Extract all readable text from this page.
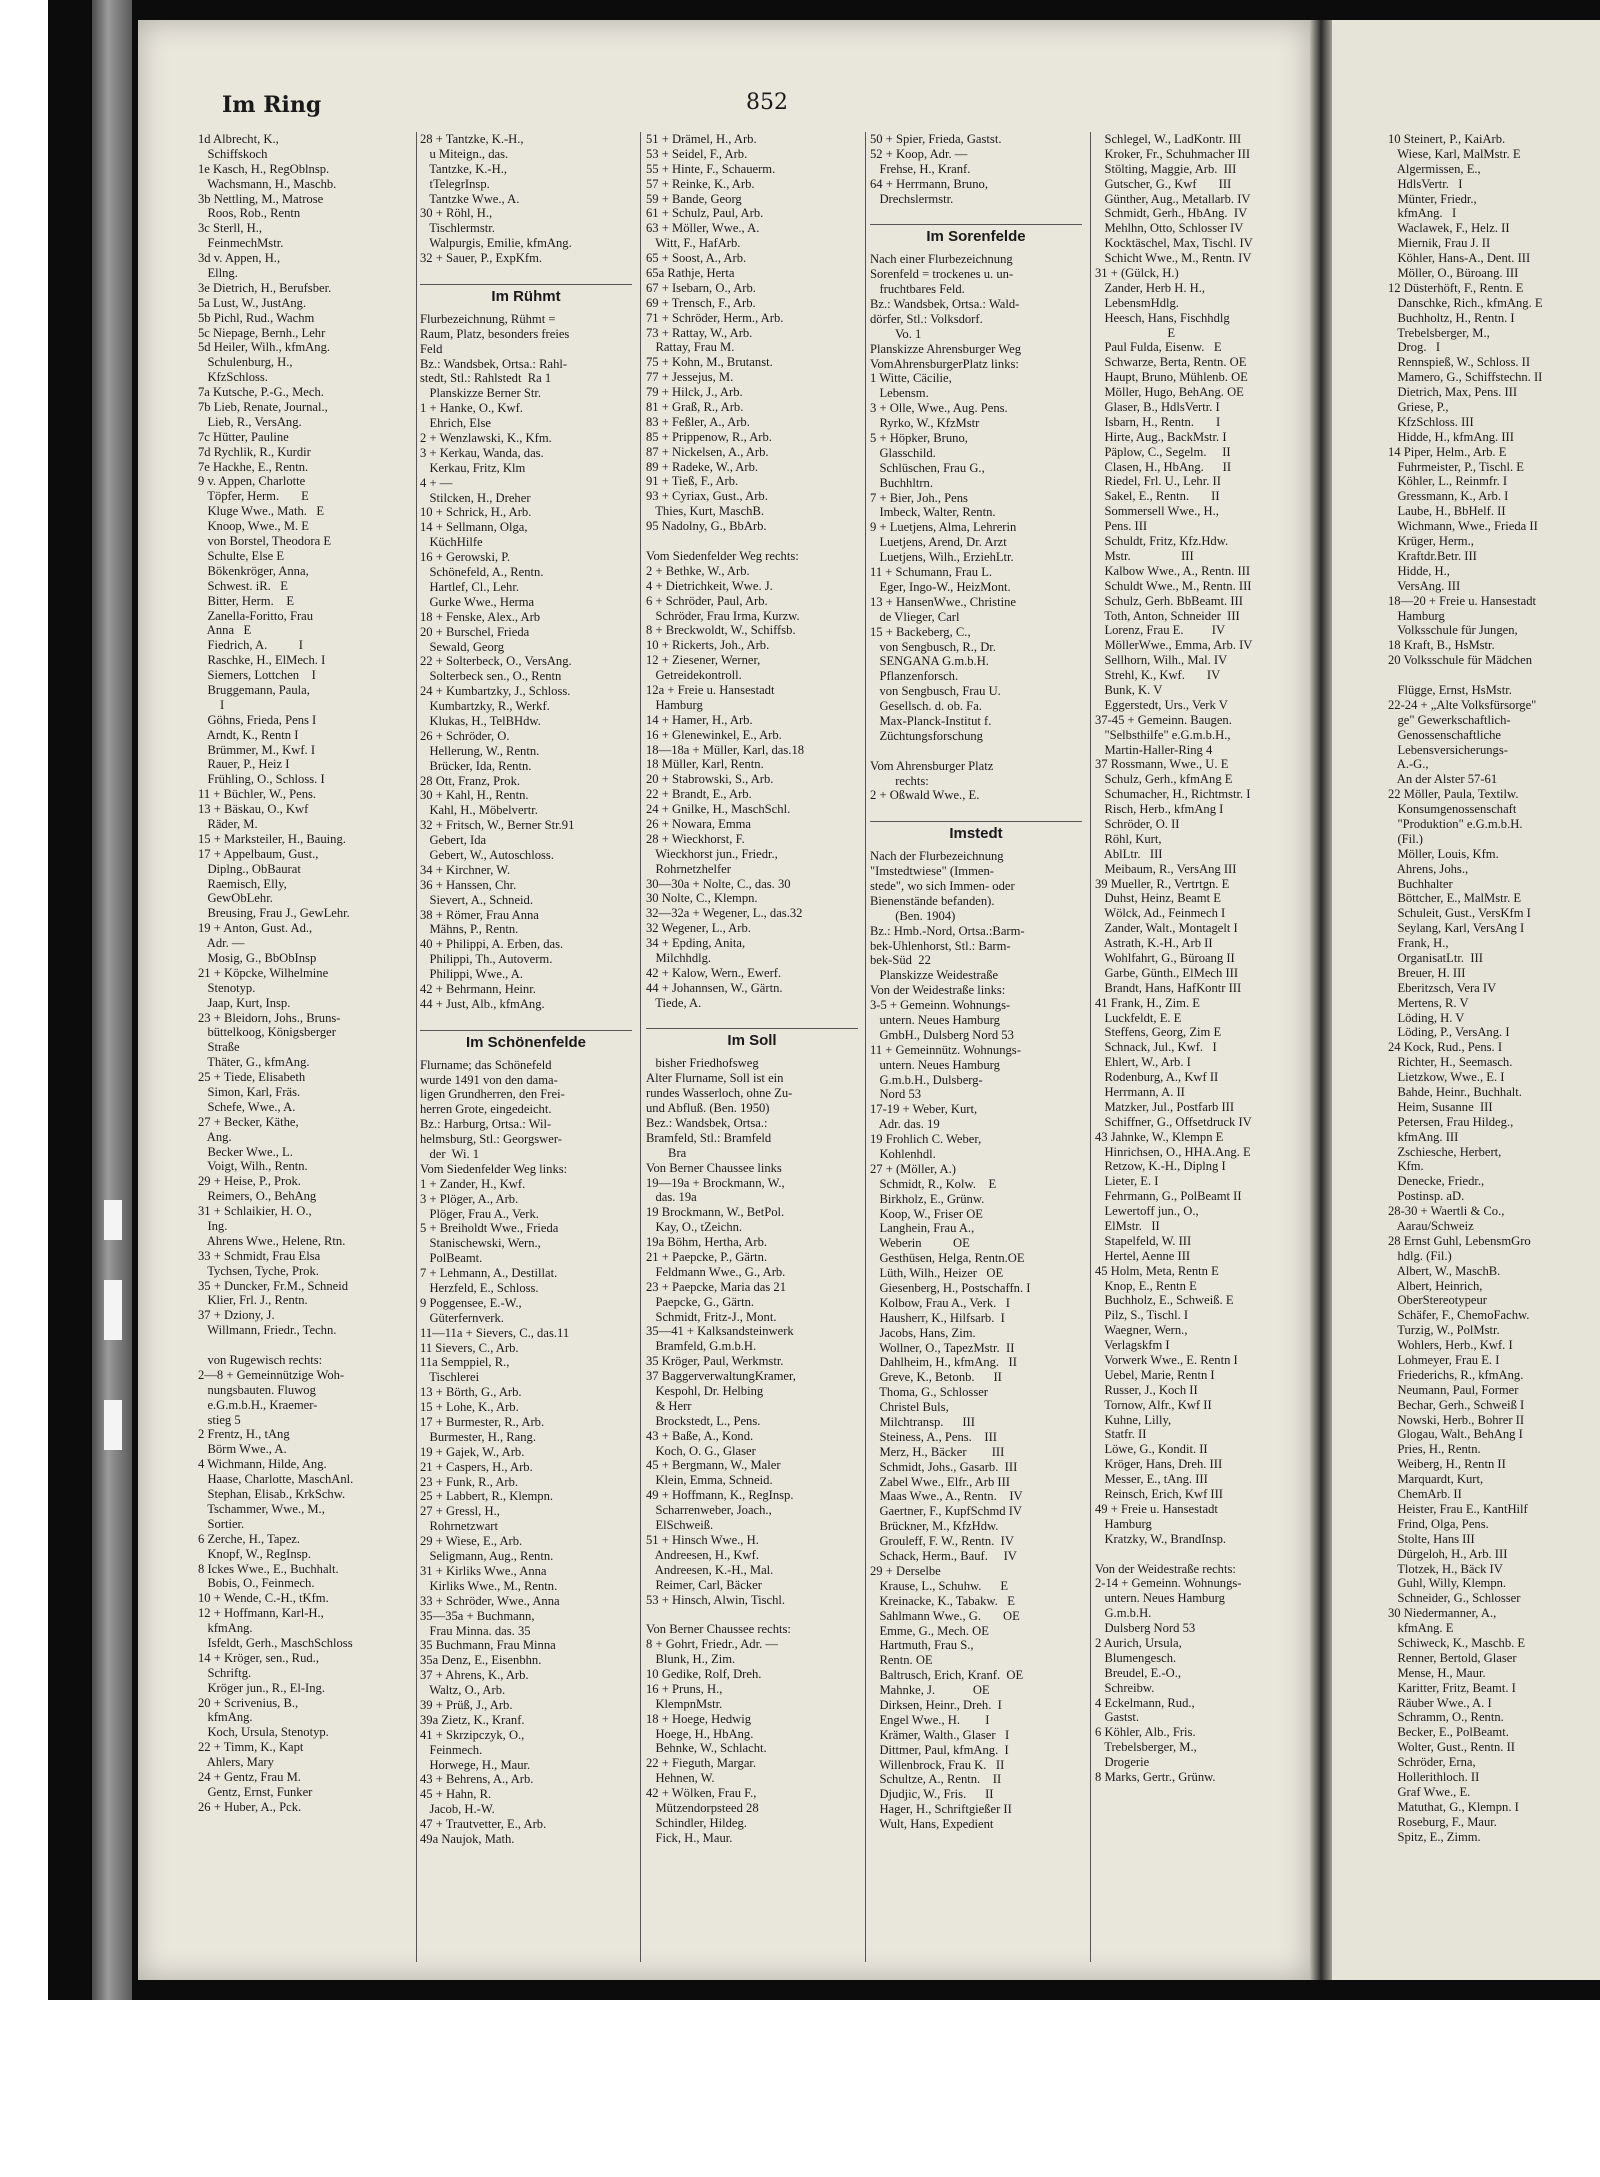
Im Ring	852
1d Albrecht, K.,
Schiffskoch
1e Kasch, H., RegOblnsp.
Wachsmann, H., Maschb.
3b Nettling, M., Matrose
Roos, Rob., Rentn
3c Sterll, H.,
FeinmechMstr.
3d v. Appen, H.,
Ellng.
3e Dietrich, H., Berufsber.
5a Lust, W., JustAng.
5b Pichl, Rud., Wachm
5c Niepage, Bernh., Lehr
5d Heiler, Wilh., kfmAng.
Schulenburg, H.,
KfzSchloss.
7a Kutsche, P.-G., Mech.
7b Lieb, Renate, Journal.,
Lieb, R., VersAng.
7c Hütter, Pauline
7d Rychlik, R., Kurdir
7e Hackhe, E., Rentn.
9 v. Appen, Charlotte
Töpfer, Herm.       E
Kluge Wwe., Math.   E
Knoop, Wwe., M. E
von Borstel, Theodora E
Schulte, Else E
Bökenkröger, Anna,
Schwest. iR.   E
Bitter, Herm.    E
Zanella-Foritto, Frau
Anna   E
Fiedrich, A.          I
Raschke, H., ElMech. I
Siemers, Lottchen    I
Bruggemann, Paula,
I
Göhns, Frieda, Pens I
Arndt, K., Rentn I
Brümmer, M., Kwf. I
Rauer, P., Heiz I
Frühling, O., Schloss. I
11 + Büchler, W., Pens.
13 + Bäskau, O., Kwf
Räder, M.
15 + Marksteiler, H., Bauing.
17 + Appelbaum, Gust.,
Diplng., ObBaurat
Raemisch, Elly,
GewObLehr.
Breusing, Frau J., GewLehr.
19 + Anton, Gust. Ad.,
Adr. —
Mosig, G., BbObInsp
21 + Köpcke, Wilhelmine
Stenotyp.
Jaap, Kurt, Insp.
23 + Bleidorn, Johs., Bruns-
büttelkoog, Königsberger
Straße
Thäter, G., kfmAng.
25 + Tiede, Elisabeth
Simon, Karl, Fräs.
Schefe, Wwe., A.
27 + Becker, Käthe,
Ang.
Becker Wwe., L.
Voigt, Wilh., Rentn.
29 + Heise, P., Prok.
Reimers, O., BehAng
31 + Schlaikier, H. O.,
Ing.
Ahrens Wwe., Helene, Rtn.
33 + Schmidt, Frau Elsa
Tychsen, Tyche, Prok.
35 + Duncker, Fr.M., Schneid
Klier, Frl. J., Rentn.
37 + Dziony, J.
Willmann, Friedr., Techn.
von Rugewisch rechts:
2—8 + Gemeinnützige Woh-
nungsbauten. Fluwog
e.G.m.b.H., Kraemer-
stieg 5
2 Frentz, H., tAng
Börm Wwe., A.
4 Wichmann, Hilde, Ang.
Haase, Charlotte, MaschAnl.
Stephan, Elisab., KrkSchw.
Tschammer, Wwe., M.,
Sortier.
6 Zerche, H., Tapez.
Knopf, W., RegInsp.
8 Ickes Wwe., E., Buchhalt.
Bobis, O., Feinmech.
10 + Wende, C.-H., tKfm.
12 + Hoffmann, Karl-H.,
kfmAng.
Isfeldt, Gerh., MaschSchloss
14 + Kröger, sen., Rud.,
Schriftg.
Kröger jun., R., El-Ing.
20 + Scrivenius, B.,
kfmAng.
Koch, Ursula, Stenotyp.
22 + Timm, K., Kapt
Ahlers, Mary
24 + Gentz, Frau M.
Gentz, Ernst, Funker
26 + Huber, A., Pck.
28 + Tantzke, K.-H.,
u Miteign., das.
Tantzke, K.-H.,
tTelegrInsp.
Tantzke Wwe., A.
30 + Röhl, H.,
Tischlermstr.
Walpurgis, Emilie, kfmAng.
32 + Sauer, P., ExpKfm.
Im Rühmt
Flurbezeichnung, Rühmt =
Raum, Platz, besonders freies
Feld
Bz.: Wandsbek, Ortsa.: Rahl-
stedt, Stl.: Rahlstedt  Ra 1
Planskizze Berner Str.
1 + Hanke, O., Kwf.
Ehrich, Else
2 + Wenzlawski, K., Kfm.
3 + Kerkau, Wanda, das.
Kerkau, Fritz, Klm
4 + —
Stilcken, H., Dreher
10 + Schrick, H., Arb.
14 + Sellmann, Olga,
KüchHilfe
16 + Gerowski, P.
Schönefeld, A., Rentn.
Hartlef, Cl., Lehr.
Gurke Wwe., Herma
18 + Fenske, Alex., Arb
20 + Burschel, Frieda
Sewald, Georg
22 + Solterbeck, O., VersAng.
Solterbeck sen., O., Rentn
24 + Kumbartzky, J., Schloss.
Kumbartzky, R., Werkf.
Klukas, H., TelBHdw.
26 + Schröder, O.
Hellerung, W., Rentn.
Brücker, Ida, Rentn.
28 Ott, Franz, Prok.
30 + Kahl, H., Rentn.
Kahl, H., Möbelvertr.
32 + Fritsch, W., Berner Str.91
Gebert, Ida
Gebert, W., Autoschloss.
34 + Kirchner, W.
36 + Hanssen, Chr.
Sievert, A., Schneid.
38 + Römer, Frau Anna
Mähns, P., Rentn.
40 + Philippi, A. Erben, das.
Philippi, Th., Autoverm.
Philippi, Wwe., A.
42 + Behrmann, Heinr.
44 + Just, Alb., kfmAng.
Im Schönenfelde
Flurname; das Schönefeld
wurde 1491 von den dama-
ligen Grundherren, den Frei-
herren Grote, eingedeicht.
Bz.: Harburg, Ortsa.: Wil-
helmsburg, Stl.: Georgswer-
der  Wi. 1
Vom Siedenfelder Weg links:
1 + Zander, H., Kwf.
3 + Plöger, A., Arb.
Plöger, Frau A., Verk.
5 + Breiholdt Wwe., Frieda
Stanischewski, Wern.,
PolBeamt.
7 + Lehmann, A., Destillat.
Herzfeld, E., Schloss.
9 Poggensee, E.-W.,
Güterfernverk.
11—11a + Sievers, C., das.11
11 Sievers, C., Arb.
11a Semppiel, R.,
Tischlerei
13 + Börth, G., Arb.
15 + Lohe, K., Arb.
17 + Burmester, R., Arb.
Burmester, H., Rang.
19 + Gajek, W., Arb.
21 + Caspers, H., Arb.
23 + Funk, R., Arb.
25 + Labbert, R., Klempn.
27 + Gressl, H.,
Rohrnetzwart
29 + Wiese, E., Arb.
Seligmann, Aug., Rentn.
31 + Kirliks Wwe., Anna
Kirliks Wwe., M., Rentn.
33 + Schröder, Wwe., Anna
35—35a + Buchmann,
Frau Minna. das. 35
35 Buchmann, Frau Minna
35a Denz, E., Eisenbhn.
37 + Ahrens, K., Arb.
Waltz, O., Arb.
39 + Prüß, J., Arb.
39a Zietz, K., Kranf.
41 + Skrzipczyk, O.,
Feinmech.
Horwege, H., Maur.
43 + Behrens, A., Arb.
45 + Hahn, R.
Jacob, H.-W.
47 + Trautvetter, E., Arb.
49a Naujok, Math.
51 + Drämel, H., Arb.
53 + Seidel, F., Arb.
55 + Hinte, F., Schauerm.
57 + Reinke, K., Arb.
59 + Bande, Georg
61 + Schulz, Paul, Arb.
63 + Möller, Wwe., A.
Witt, F., HafArb.
65 + Soost, A., Arb.
65a Rathje, Herta
67 + Isebarn, O., Arb.
69 + Trensch, F., Arb.
71 + Schröder, Herm., Arb.
73 + Rattay, W., Arb.
Rattay, Frau M.
75 + Kohn, M., Brutanst.
77 + Jessejus, M.
79 + Hilck, J., Arb.
81 + Graß, R., Arb.
83 + Feßler, A., Arb.
85 + Prippenow, R., Arb.
87 + Nickelsen, A., Arb.
89 + Radeke, W., Arb.
91 + Tieß, F., Arb.
93 + Cyriax, Gust., Arb.
Thies, Kurt, MaschB.
95 Nadolny, G., BbArb.
Vom Siedenfelder Weg rechts:
2 + Bethke, W., Arb.
4 + Dietrichkeit, Wwe. J.
6 + Schröder, Paul, Arb.
Schröder, Frau Irma, Kurzw.
8 + Breckwoldt, W., Schiffsb.
10 + Rickerts, Joh., Arb.
12 + Ziesener, Werner,
Getreidekontroll.
12a + Freie u. Hansestadt
Hamburg
14 + Hamer, H., Arb.
16 + Glenewinkel, E., Arb.
18—18a + Müller, Karl, das.18
18 Müller, Karl, Rentn.
20 + Stabrowski, S., Arb.
22 + Brandt, E., Arb.
24 + Gnilke, H., MaschSchl.
26 + Nowara, Emma
28 + Wieckhorst, F.
Wieckhorst jun., Friedr.,
Rohrnetzhelfer
30—30a + Nolte, C., das. 30
30 Nolte, C., Klempn.
32—32a + Wegener, L., das.32
32 Wegener, L., Arb.
34 + Epding, Anita,
Milchhdlg.
42 + Kalow, Wern., Ewerf.
44 + Johannsen, W., Gärtn.
Tiede, A.
Im Soll
bisher Friedhofsweg
Alter Flurname, Soll ist ein
rundes Wasserloch, ohne Zu-
und Abfluß. (Ben. 1950)
Bez.: Wandsbek, Ortsa.:
Bramfeld, Stl.: Bramfeld
Bra
Von Berner Chaussee links
19—19a + Brockmann, W.,
das. 19a
19 Brockmann, W., BetPol.
Kay, O., tZeichn.
19a Böhm, Hertha, Arb.
21 + Paepcke, P., Gärtn.
Feldmann Wwe., G., Arb.
23 + Paepcke, Maria das 21
Paepcke, G., Gärtn.
Schmidt, Fritz-J., Mont.
35—41 + Kalksandsteinwerk
Bramfeld, G.m.b.H.
35 Kröger, Paul, Werkmstr.
37 BaggerverwaltungKramer,
Kespohl, Dr. Helbing
& Herr
Brockstedt, L., Pens.
43 + Baße, A., Kond.
Koch, O. G., Glaser
45 + Bergmann, W., Maler
Klein, Emma, Schneid.
49 + Hoffmann, K., RegInsp.
Scharrenweber, Joach.,
ElSchweiß.
51 + Hinsch Wwe., H.
Andreesen, H., Kwf.
Andreesen, K.-H., Mal.
Reimer, Carl, Bäcker
53 + Hinsch, Alwin, Tischl.
Von Berner Chaussee rechts:
8 + Gohrt, Friedr., Adr. —
Blunk, H., Zim.
10 Gedike, Rolf, Dreh.
16 + Pruns, H.,
KlempnMstr.
18 + Hoege, Hedwig
Hoege, H., HbAng.
Behnke, W., Schlacht.
22 + Fieguth, Margar.
Hehnen, W.
42 + Wölken, Frau F.,
Mützendorpsteed 28
Schindler, Hildeg.
Fick, H., Maur.
50 + Spier, Frieda, Gastst.
52 + Koop, Adr. —
Frehse, H., Kranf.
64 + Herrmann, Bruno,
Drechslermstr.
Im Sorenfelde
Nach einer Flurbezeichnung
Sorenfeld = trockenes u. un-
fruchtbares Feld.
Bz.: Wandsbek, Ortsa.: Wald-
dörfer, Stl.: Volksdorf.
Vo. 1
Planskizze Ahrensburger Weg
VomAhrensburgerPlatz links:
1 Witte, Cäcilie,
Lebensm.
3 + Olle, Wwe., Aug. Pens.
Ryrko, W., KfzMstr
5 + Höpker, Bruno,
Glasschild.
Schlüschen, Frau G.,
Buchhltrn.
7 + Bier, Joh., Pens
Imbeck, Walter, Rentn.
9 + Luetjens, Alma, Lehrerin
Luetjens, Arend, Dr. Arzt
Luetjens, Wilh., ErziehLtr.
11 + Schumann, Frau L.
Eger, Ingo-W., HeizMont.
13 + HansenWwe., Christine
de Vlieger, Carl
15 + Backeberg, C.,
von Sengbusch, R., Dr.
SENGANA G.m.b.H.
Pflanzenforsch.
von Sengbusch, Frau U.
Gesellsch. d. ob. Fa.
Max-Planck-Institut f.
Züchtungsforschung
Vom Ahrensburger Platz
rechts:
2 + Oßwald Wwe., E.
Imstedt
Nach der Flurbezeichnung
"Imstedtwiese" (Immen-
stede", wo sich Immen- oder
Bienenstände befanden).
(Ben. 1904)
Bz.: Hmb.-Nord, Ortsa.:Barm-
bek-Uhlenhorst, Stl.: Barm-
bek-Süd  22
Planskizze Weidestraße
Von der Weidestraße links:
3-5 + Gemeinn. Wohnungs-
untern. Neues Hamburg
GmbH., Dulsberg Nord 53
11 + Gemeinnütz. Wohnungs-
untern. Neues Hamburg
G.m.b.H., Dulsberg-
Nord 53
17-19 + Weber, Kurt,
Adr. das. 19
19 Frohlich C. Weber,
Kohlenhdl.
27 + (Möller, A.)
Schmidt, R., Kolw.    E
Birkholz, E., Grünw.
Koop, W., Friser OE
Langhein, Frau A.,
Weberin          OE
Gesthüsen, Helga, Rentn.OE
Lüth, Wilh., Heizer   OE
Giesenberg, H., Postschaffn. I
Kolbow, Frau A., Verk.   I
Hausherr, K., Hilfsarb.  I
Jacobs, Hans, Zim.
Wollner, O., TapezMstr.  II
Dahlheim, H., kfmAng.   II
Greve, K., Betonb.      II
Thoma, G., Schlosser
Christel Buls,
Milchtransp.      III
Steiness, A., Pens.    III
Merz, H., Bäcker        III
Schmidt, Johs., Gasarb.  III
Zabel Wwe., Elfr., Arb III
Maas Wwe., A., Rentn.    IV
Gaertner, F., KupfSchmd IV
Brückner, M., KfzHdw.
Grouleff, F. W., Rentn.  IV
Schack, Herm., Bauf.     IV
29 + Derselbe
Krause, L., Schuhw.      E
Kreinacke, K., Tabakw.   E
Sahlmann Wwe., G.       OE
Emme, G., Mech. OE
Hartmuth, Frau S.,
Rentn. OE
Baltrusch, Erich, Kranf.  OE
Mahnke, J.            OE
Dirksen, Heinr., Dreh.  I
Engel Wwe., H.        I
Krämer, Walth., Glaser   I
Dittmer, Paul, kfmAng.  I
Willenbrock, Frau K.   II
Schultze, A., Rentn.    II
Djudjic, W., Fris.      II
Hager, H., Schriftgießer II
Wult, Hans, Expedient
Schlegel, W., LadKontr. III
Kroker, Fr., Schuhmacher III
Stölting, Maggie, Arb.  III
Gutscher, G., Kwf       III
Günther, Aug., Metallarb. IV
Schmidt, Gerh., HbAng.  IV
Mehlhn, Otto, Schlosser IV
Kocktäschel, Max, Tischl. IV
Schicht Wwe., M., Rentn. IV
31 + (Gülck, H.)
Zander, Herb H. H.,
LebensmHdlg.
Heesch, Hans, Fischhdlg
E
Paul Fulda, Eisenw.   E
Schwarze, Berta, Rentn. OE
Haupt, Bruno, Mühlenb. OE
Möller, Hugo, BehAng. OE
Glaser, B., HdlsVertr. I
Isbarn, H., Rentn.       I
Hirte, Aug., BackMstr. I
Päplow, C., Segelm.     II
Clasen, H., HbAng.      II
Riedel, Frl. U., Lehr. II
Sakel, E., Rentn.       II
Sommersell Wwe., H.,
Pens. III
Schuldt, Fritz, Kfz.Hdw.
Mstr.                III
Kalbow Wwe., A., Rentn. III
Schuldt Wwe., M., Rentn. III
Schulz, Gerh. BbBeamt. III
Toth, Anton, Schneider  III
Lorenz, Frau E.         IV
MöllerWwe., Emma, Arb. IV
Sellhorn, Wilh., Mal. IV
Strehl, K., Kwf.       IV
Bunk, K. V
Eggerstedt, Urs., Verk V
37-45 + Gemeinn. Baugen.
"Selbsthilfe" e.G.m.b.H.,
Martin-Haller-Ring 4
37 Rossmann, Wwe., U. E
Schulz, Gerh., kfmAng E
Schumacher, H., Richtmstr. I
Risch, Herb., kfmAng I
Schröder, O. II
Röhl, Kurt,
AblLtr.   III
Meibaum, R., VersAng III
39 Mueller, R., Vertrtgn. E
Duhst, Heinz, Beamt E
Wölck, Ad., Feinmech I
Zander, Walt., Montagelt I
Astrath, K.-H., Arb II
Wohlfahrt, G., Büroang II
Garbe, Günth., ElMech III
Brandt, Hans, HafKontr III
41 Frank, H., Zim. E
Luckfeldt, E. E
Steffens, Georg, Zim E
Schnack, Jul., Kwf.   I
Ehlert, W., Arb. I
Rodenburg, A., Kwf II
Herrmann, A. II
Matzker, Jul., Postfarb III
Schiffner, G., Offsetdruck IV
43 Jahnke, W., Klempn E
Hinrichsen, O., HHA.Ang. E
Retzow, K.-H., Diplng I
Lieter, E. I
Fehrmann, G., PolBeamt II
Lewertoff jun., O.,
ElMstr.   II
Stapelfeld, W. III
Hertel, Aenne III
45 Holm, Meta, Rentn E
Knop, E., Rentn E
Buchholz, E., Schweiß. E
Pilz, S., Tischl. I
Waegner, Wern.,
Verlagskfm I
Vorwerk Wwe., E. Rentn I
Uebel, Marie, Rentn I
Russer, J., Koch II
Tornow, Alfr., Kwf II
Kuhne, Lilly,
Statfr. II
Löwe, G., Kondit. II
Kröger, Hans, Dreh. III
Messer, E., tAng. III
Reinsch, Erich, Kwf III
49 + Freie u. Hansestadt
Hamburg
Kratzky, W., BrandInsp.
Von der Weidestraße rechts:
2-14 + Gemeinn. Wohnungs-
untern. Neues Hamburg
G.m.b.H.
Dulsberg Nord 53
2 Aurich, Ursula,
Blumengesch.
Breudel, E.-O.,
Schreibw.
4 Eckelmann, Rud.,
Gastst.
6 Köhler, Alb., Fris.
Trebelsberger, M.,
Drogerie
8 Marks, Gertr., Grünw.
10 Steinert, P., KaiArb.
Wiese, Karl, MalMstr. E
Algermissen, E.,
HdlsVertr.   I
Münter, Friedr.,
kfmAng.   I
Waclawek, F., Helz. II
Miernik, Frau J. II
Köhler, Hans-A., Dent. III
Möller, O., Büroang. III
12 Düsterhöft, F., Rentn. E
Danschke, Rich., kfmAng. E
Buchholtz, H., Rentn. I
Trebelsberger, M.,
Drog.   I
Rennspieß, W., Schloss. II
Mamero, G., Schiffstechn. II
Dietrich, Max, Pens. III
Griese, P.,
KfzSchloss. III
Hidde, H., kfmAng. III
14 Piper, Helm., Arb. E
Fuhrmeister, P., Tischl. E
Köhler, L., Reinmfr. I
Gressmann, K., Arb. I
Laube, H., BbHelf. II
Wichmann, Wwe., Frieda II
Krüger, Herm.,
Kraftdr.Betr. III
Hidde, H.,
VersAng. III
18—20 + Freie u. Hansestadt
Hamburg
Volksschule für Jungen,
18 Kraft, B., HsMstr.
20 Volksschule für Mädchen
Flügge, Ernst, HsMstr.
22-24 + „Alte Volksfürsorge"
ge" Gewerkschaftlich-
Genossenschaftliche
Lebensversicherungs-
A.-G.,
An der Alster 57-61
22 Möller, Paula, Textilw.
Konsumgenossenschaft
"Produktion" e.G.m.b.H.
(Fil.)
Möller, Louis, Kfm.
Ahrens, Johs.,
Buchhalter
Böttcher, E., MalMstr. E
Schuleit, Gust., VersKfm I
Seylang, Karl, VersAng I
Frank, H.,
OrganisatLtr.  III
Breuer, H. III
Eberitzsch, Vera IV
Mertens, R. V
Löding, H. V
Löding, P., VersAng. I
24 Kock, Rud., Pens. I
Richter, H., Seemasch.
Lietzkow, Wwe., E. I
Bahde, Heinr., Buchhalt.
Heim, Susanne  III
Petersen, Frau Hildeg.,
kfmAng. III
Zschiesche, Herbert,
Kfm.
Denecke, Friedr.,
Postinsp. aD.
28-30 + Waertli & Co.,
Aarau/Schweiz
28 Ernst Guhl, LebensmGro
hdlg. (Fil.)
Albert, W., MaschB.
Albert, Heinrich,
OberStereotypeur
Schäfer, F., ChemoFachw.
Turzig, W., PolMstr.
Wohlers, Herb., Kwf. I
Lohmeyer, Frau E. I
Friederichs, R., kfmAng.
Neumann, Paul, Former
Bechar, Gerh., Schweiß I
Nowski, Herb., Bohrer II
Glogau, Walt., BehAng I
Pries, H., Rentn.
Weiberg, H., Rentn II
Marquardt, Kurt,
ChemArb. II
Heister, Frau E., KantHilf
Frind, Olga, Pens.
Stolte, Hans III
Dürgeloh, H., Arb. III
Tlotzek, H., Bäck IV
Guhl, Willy, Klempn.
Schneider, G., Schlosser
30 Niedermanner, A.,
kfmAng. E
Schiweck, K., Maschb. E
Renner, Bertold, Glaser
Mense, H., Maur.
Karitter, Fritz, Beamt. I
Räuber Wwe., A. I
Schramm, O., Rentn.
Becker, E., PolBeamt.
Wolter, Gust., Rentn. II
Schröder, Erna,
Hollerithloch. II
Graf Wwe., E.
Matuthat, G., Klempn. I
Roseburg, F., Maur.
Spitz, E., Zimm.
